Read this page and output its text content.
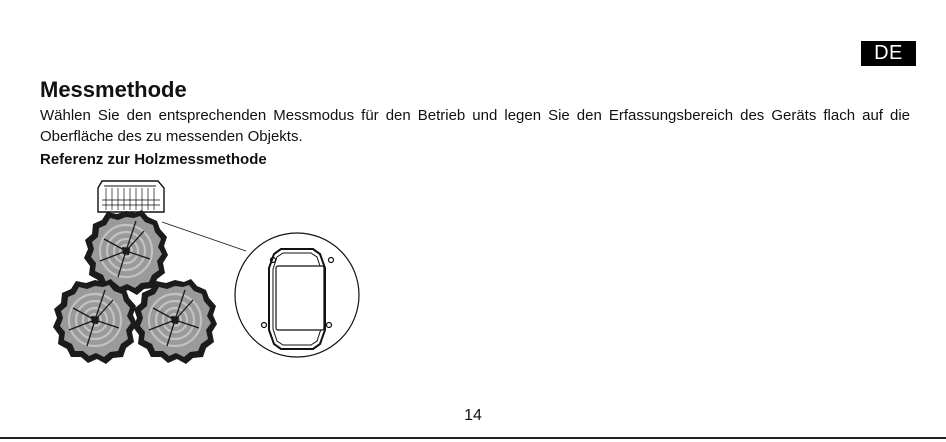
DE
Messmethode

Wählen Sie den entsprechenden Messmodus für den Betrieb und legen Sie den Erfassungsbereich des Geräts flach auf die Oberfläche des zu messenden Objekts.

Referenz zur Holzmessmethode
14
